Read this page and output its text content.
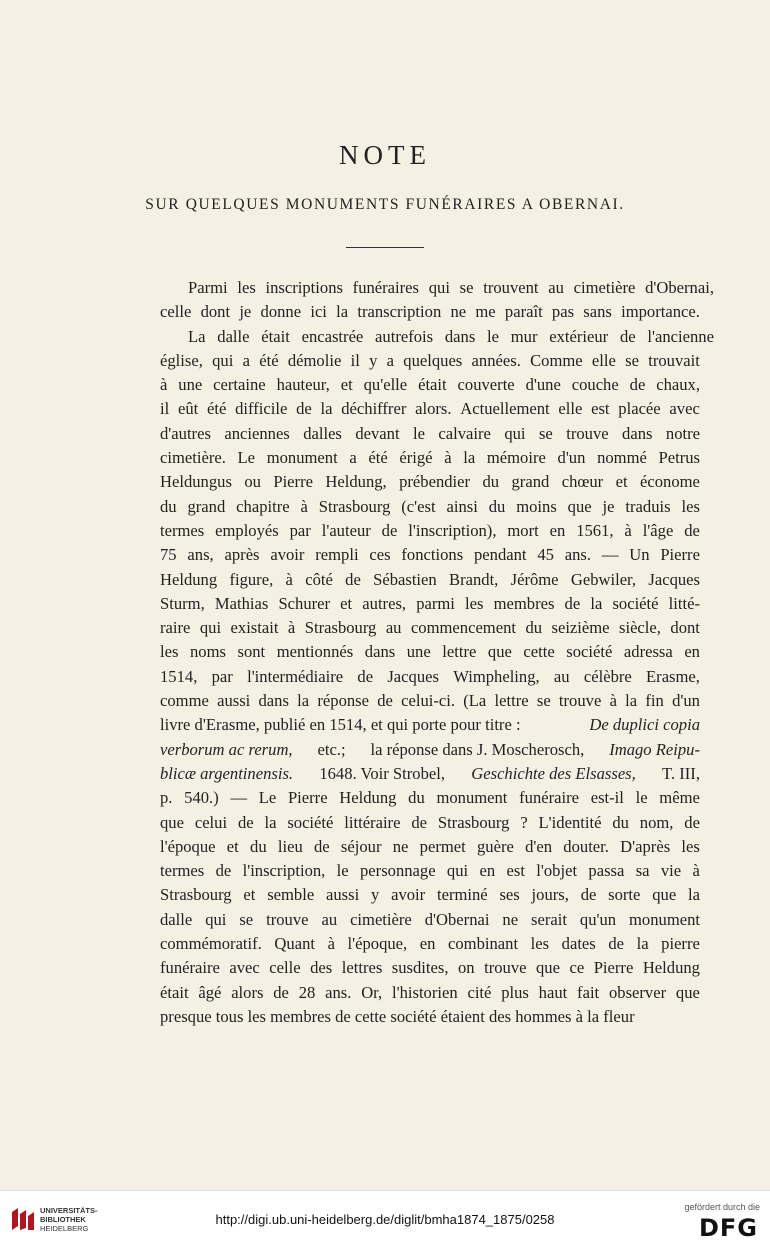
NOTE
SUR QUELQUES MONUMENTS FUNÉRAIRES A OBERNAI.
Parmi les inscriptions funéraires qui se trouvent au cimetière d'Obernai,
celle dont je donne ici la transcription ne me paraît pas sans importance.
La dalle était encastrée autrefois dans le mur extérieur de l'ancienne
église, qui a été démolie il y a quelques années. Comme elle se trouvait
à une certaine hauteur, et qu'elle était couverte d'une couche de chaux,
il eût été difficile de la déchiffrer alors. Actuellement elle est placée avec
d'autres anciennes dalles devant le calvaire qui se trouve dans notre
cimetière. Le monument a été érigé à la mémoire d'un nommé Petrus
Heldungus ou Pierre Heldung, prébendier du grand chœur et économe
du grand chapitre à Strasbourg (c'est ainsi du moins que je traduis les
termes employés par l'auteur de l'inscription), mort en 1561, à l'âge de
75 ans, après avoir rempli ces fonctions pendant 45 ans. — Un Pierre
Heldung figure, à côté de Sébastien Brandt, Jérôme Gebwiler, Jacques
Sturm, Mathias Schurer et autres, parmi les membres de la société litté-
raire qui existait à Strasbourg au commencement du seizième siècle, dont
les noms sont mentionnés dans une lettre que cette société adressa en
1514, par l'intermédiaire de Jacques Wimpheling, au célèbre Erasme,
comme aussi dans la réponse de celui-ci. (La lettre se trouve à la fin d'un
livre d'Erasme, publié en 1514, et qui porte pour titre :	De duplici copia
verborum ac rerum, etc.; la réponse dans J. Moscherosch, Imago Reipu-
blicæ argentinensis. 1648. Voir Strobel, Geschichte des Elsasses, T. III,
p. 540.) — Le Pierre Heldung du monument funéraire est-il le même
que celui de la société littéraire de Strasbourg ? L'identité du nom, de
l'époque et du lieu de séjour ne permet guère d'en douter. D'après les
termes de l'inscription, le personnage qui en est l'objet passa sa vie à
Strasbourg et semble aussi y avoir terminé ses jours, de sorte que la
dalle qui se trouve au cimetière d'Obernai ne serait qu'un monument
commémoratif. Quant à l'époque, en combinant les dates de la pierre
funéraire avec celle des lettres susdites, on trouve que ce Pierre Heldung
était âgé alors de 28 ans. Or, l'historien cité plus haut fait observer que
presque tous les membres de cette société étaient des hommes à la fleur
UNIVERSITÄTS-
BIBLIOTHEK
HEIDELBERG
http://digi.ub.uni-heidelberg.de/diglit/bmha1874_1875/0258
gefördert durch die
DFG
